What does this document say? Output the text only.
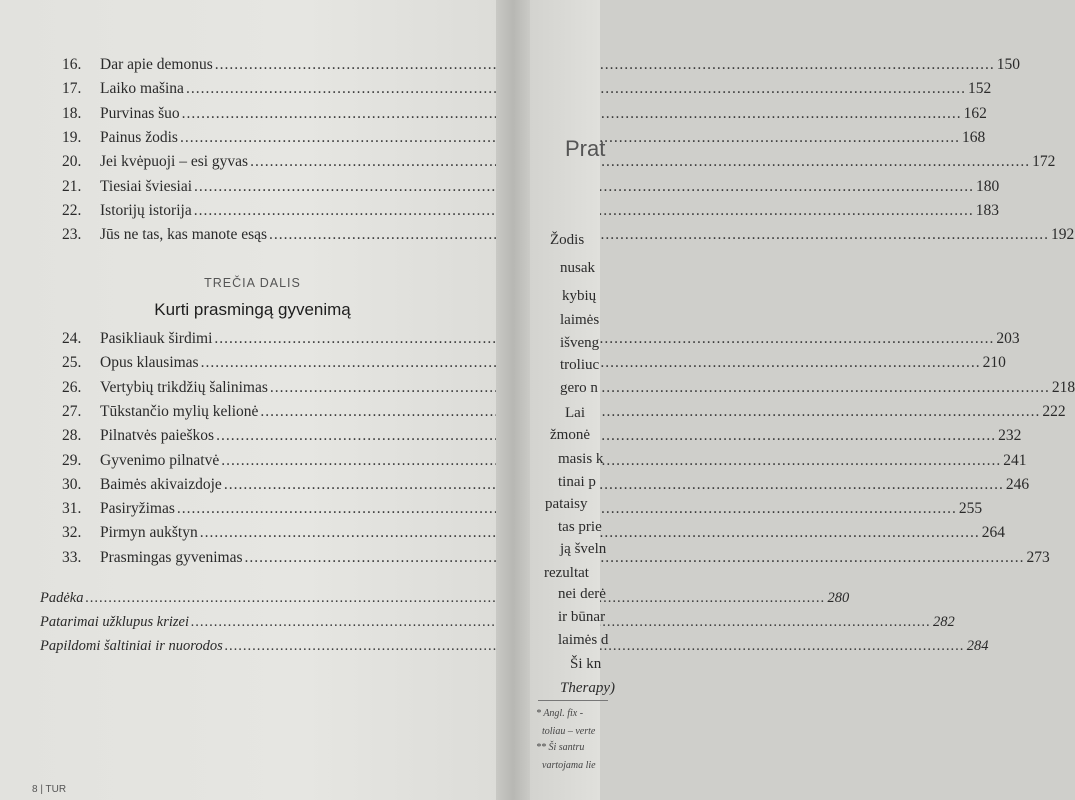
16.	Dar apie demonus .....	150
17.	Laiko mašina .....	152
18.	Purvinas šuo .....	162
19.	Painus žodis .....	168
20.	Jei kvėpuoji – esi gyvas .....	172
21.	Tiesiai šviesiai .....	180
22.	Istorijų istorija .....	183
23.	Jūs ne tas, kas manote esąs .....	192
24.	Pasikliauk širdimi .....	203
25.	Opus klausimas .....	210
26.	Vertybių trikdžių šalinimas .....	218
27.	Tūkstančio mylių kelionė .....	222
28.	Pilnatvės paieškos .....	232
29.	Gyvenimo pilnatvė .....	241
30.	Baimės akivaizdoje .....	246
31.	Pasiryžimas .....	255
32.	Pirmyn aukštyn .....	264
33.	Prasmingas gyvenimas .....	273
Padėka .....	280
Patarimai užklupus krizei .....	282
Papildomi šaltiniai ir nuorodos .....	284
TREČIA DALIS
Kurti prasmingą gyvenimą
8 | TUR
Prat
Žodis
nusak
kybių
laimės
išveng
troliuc
gero n
Lai
žmonė
masis k
tinai p
pataisy
tas prie
ją šveln
rezultat
nei derė
ir būnar
laimės d
Ši kn
Therapy)
* Angl. fix -
toliau – verte
** Ši santru
vartojama lie
